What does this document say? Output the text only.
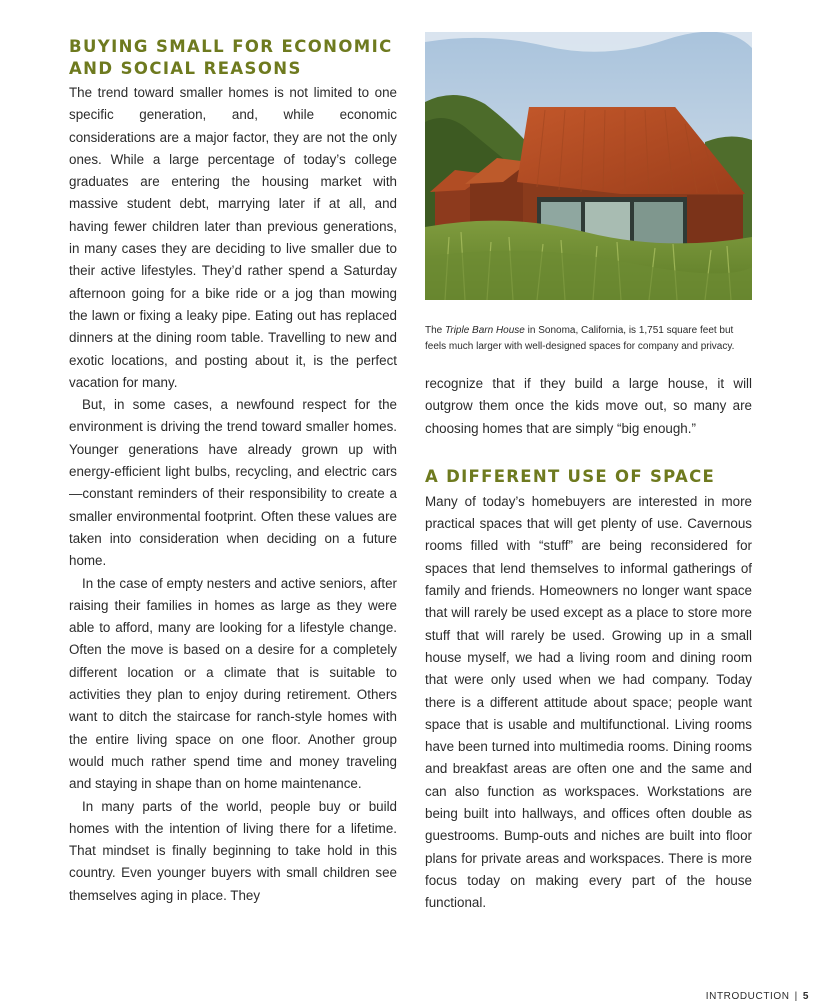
BUYING SMALL FOR ECONOMIC AND SOCIAL REASONS

The trend toward smaller homes is not limited to one specific generation, and, while economic considerations are a major factor, they are not the only ones. While a large percentage of today’s college graduates are entering the housing market with massive student debt, marrying later if at all, and having fewer children later than previous generations, in many cases they are deciding to live smaller due to their active lifestyles. They’d rather spend a Saturday afternoon going for a bike ride or a jog than mowing the lawn or fixing a leaky pipe. Eating out has replaced dinners at the dining room table. Travelling to new and exotic locations, and posting about it, is the perfect vacation for many.

But, in some cases, a newfound respect for the environment is driving the trend toward smaller homes. Younger generations have already grown up with energy-efficient light bulbs, recycling, and electric cars—constant reminders of their responsibility to create a smaller environmental footprint. Often these values are taken into consideration when deciding on a future home.

In the case of empty nesters and active seniors, after raising their families in homes as large as they were able to afford, many are looking for a lifestyle change. Often the move is based on a desire for a completely different location or a climate that is suitable to activities they plan to enjoy during retirement. Others want to ditch the staircase for ranch-style homes with the entire living space on one floor. Another group would much rather spend time and money traveling and staying in shape than on home maintenance.

In many parts of the world, people buy or build homes with the intention of living there for a lifetime. That mindset is finally beginning to take hold in this country. Even younger buyers with small children see themselves aging in place. They

The Triple Barn House in Sonoma, California, is 1,751 square feet but feels much larger with well-designed spaces for company and privacy.

recognize that if they build a large house, it will outgrow them once the kids move out, so many are choosing homes that are simply “big enough.”

A DIFFERENT USE OF SPACE

Many of today’s homebuyers are interested in more practical spaces that will get plenty of use. Cavernous rooms filled with “stuff” are being reconsidered for spaces that lend themselves to informal gatherings of family and friends. Homeowners no longer want space that will rarely be used except as a place to store more stuff that will rarely be used. Growing up in a small house myself, we had a living room and dining room that were only used when we had company. Today there is a different attitude about space; people want space that is usable and multifunctional. Living rooms have been turned into multimedia rooms. Dining rooms and breakfast areas are often one and the same and can also function as workspaces. Workstations are being built into hallways, and offices often double as guestrooms. Bump-outs and niches are built into floor plans for private areas and workspaces. There is more focus today on making every part of the house functional.

INTRODUCTION | 5
